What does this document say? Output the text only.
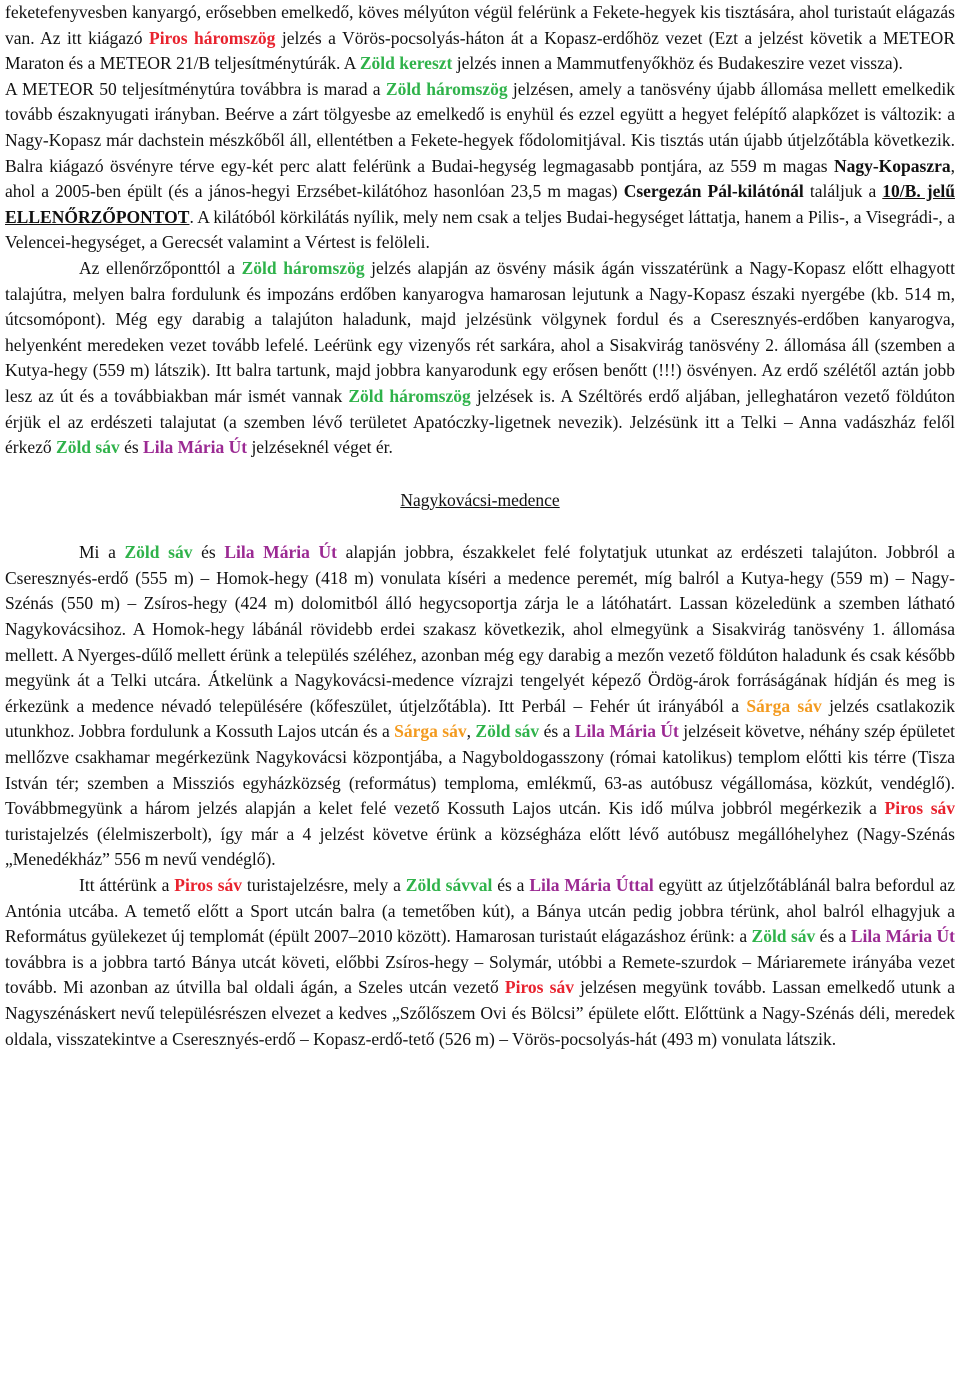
feketefenyvesben kanyargó, erősebben emelkedő, köves mélyúton végül felérünk a Fekete-hegyek kis tisztására, ahol turistaút elágazás van. Az itt kiágazó Piros háromszög jelzés a Vörös-pocsolyás-háton át a Kopasz-erdőhöz vezet (Ezt a jelzést követik a METEOR Maraton és a METEOR 21/B teljesítménytúrák. A Zöld kereszt jelzés innen a Mammutfenyőkhöz és Budakeszire vezet vissza).

A METEOR 50 teljesítménytúra továbbra is marad a Zöld háromszög jelzésen, amely a tanösvény újabb állomása mellett emelkedik tovább északnyugati irányban. Beérve a zárt tölgyesbe az emelkedő is enyhül és ezzel együtt a hegyet felépítő alapkőzet is változik: a Nagy-Kopasz már dachstein mészkőből áll, ellentétben a Fekete-hegyek fődolomitjával. Kis tisztás után újabb útjelzőtábla következik. Balra kiágazó ösvényre térve egy-két perc alatt felérünk a Budai-hegység legmagasabb pontjára, az 559 m magas Nagy-Kopaszra, ahol a 2005-ben épült (és a jános-hegyi Erzsébet-kilátóhoz hasonlóan 23,5 m magas) Csergezán Pál-kilátónál találjuk a 10/B. jelű ELLENŐRZŐPONTOT. A kilátóból körkilátás nyílik, mely nem csak a teljes Budai-hegységet láttatja, hanem a Pilis-, a Visegrádi-, a Velencei-hegységet, a Gerecsét valamint a Vértest is felöleli.

Az ellenőrzőponttól a Zöld háromszög jelzés alapján az ösvény másik ágán visszatérünk a Nagy-Kopasz előtt elhagyott talajútra, melyen balra fordulunk és impozáns erdőben kanyarogva hamarosan lejutunk a Nagy-Kopasz északi nyergébe (kb. 514 m, útcsomópont). Még egy darabig a talajúton haladunk, majd jelzésünk völgynek fordul és a Cseresznyés-erdőben kanyarogva, helyenként meredeken vezet tovább lefelé. Leérünk egy vizenyős rét sarkára, ahol a Sisakvirág tanösvény 2. állomása áll (szemben a Kutya-hegy (559 m) látszik). Itt balra tartunk, majd jobbra kanyarodunk egy erősen benőtt (!!!) ösvényen. Az erdő szélétől aztán jobb lesz az út és a továbbiakban már ismét vannak Zöld háromszög jelzések is. A Széltörés erdő aljában, jelleghatáron vezető földúton érjük el az erdészeti talajutat (a szemben lévő területet Apatóczky-ligetnek nevezik). Jelzésünk itt a Telki – Anna vadászház felől érkező Zöld sáv és Lila Mária Út jelzéseknél véget ér.

Nagykovácsi-medence

Mi a Zöld sáv és Lila Mária Út alapján jobbra, északkelet felé folytatjuk utunkat az erdészeti talajúton. Jobbról a Cseresznyés-erdő (555 m) – Homok-hegy (418 m) vonulata kíséri a medence peremét, míg balról a Kutya-hegy (559 m) – Nagy-Szénás (550 m) – Zsíros-hegy (424 m) dolomitból álló hegycsoportja zárja le a látóhatárt. Lassan közeledünk a szemben látható Nagykovácsihoz. A Homok-hegy lábánál rövidebb erdei szakasz következik, ahol elmegyünk a Sisakvirág tanösvény 1. állomása mellett. A Nyerges-dűlő mellett érünk a település széléhez, azonban még egy darabig a mezőn vezető földúton haladunk és csak később megyünk át a Telki utcára. Átkelünk a Nagykovácsi-medence vízrajzi tengelyét képező Ördög-árok forráságának hídján és meg is érkezünk a medence névadó településére (kőfeszület, útjelzőtábla). Itt Perbál – Fehér út irányából a Sárga sáv jelzés csatlakozik utunkhoz. Jobbra fordulunk a Kossuth Lajos utcán és a Sárga sáv, Zöld sáv és a Lila Mária Út jelzéseit követve, néhány szép épületet mellőzve csakhamar megérkezünk Nagykovácsi központjába, a Nagyboldogasszony (római katolikus) templom előtti kis térre (Tisza István tér; szemben a Missziós egyházközség (református) temploma, emlékmű, 63-as autóbusz végállomása, közkút, vendéglő). Továbbmegyünk a három jelzés alapján a kelet felé vezető Kossuth Lajos utcán. Kis idő múlva jobbról megérkezik a Piros sáv turistajelzés (élelmiszerbolt), így már a 4 jelzést követve érünk a községháza előtt lévő autóbusz megállóhelyhez (Nagy-Szénás „Menedékház” 556 m nevű vendéglő).

Itt áttérünk a Piros sáv turistajelzésre, mely a Zöld sávval és a Lila Mária Úttal együtt az útjelzőtáblánál balra befordul az Antónia utcába. A temető előtt a Sport utcán balra (a temetőben kút), a Bánya utcán pedig jobbra térünk, ahol balról elhagyjuk a Református gyülekezet új templomát (épült 2007–2010 között). Hamarosan turistaút elágazáshoz érünk: a Zöld sáv és a Lila Mária Út továbbra is a jobbra tartó Bánya utcát követi, előbbi Zsíros-hegy – Solymár, utóbbi a Remete-szurdok – Máriaremete irányába vezet tovább. Mi azonban az útvilla bal oldali ágán, a Szeles utcán vezető Piros sáv jelzésen megyünk tovább. Lassan emelkedő utunk a Nagyszénáskert nevű településrészen elvezet a kedves „Szőlőszem Ovi és Bölcsi” épülete előtt. Előttünk a Nagy-Szénás déli, meredek oldala, visszatekintve a Cseresznyés-erdő – Kopasz-erdő-tető (526 m) – Vörös-pocsolyás-hát (493 m) vonulata látszik.
